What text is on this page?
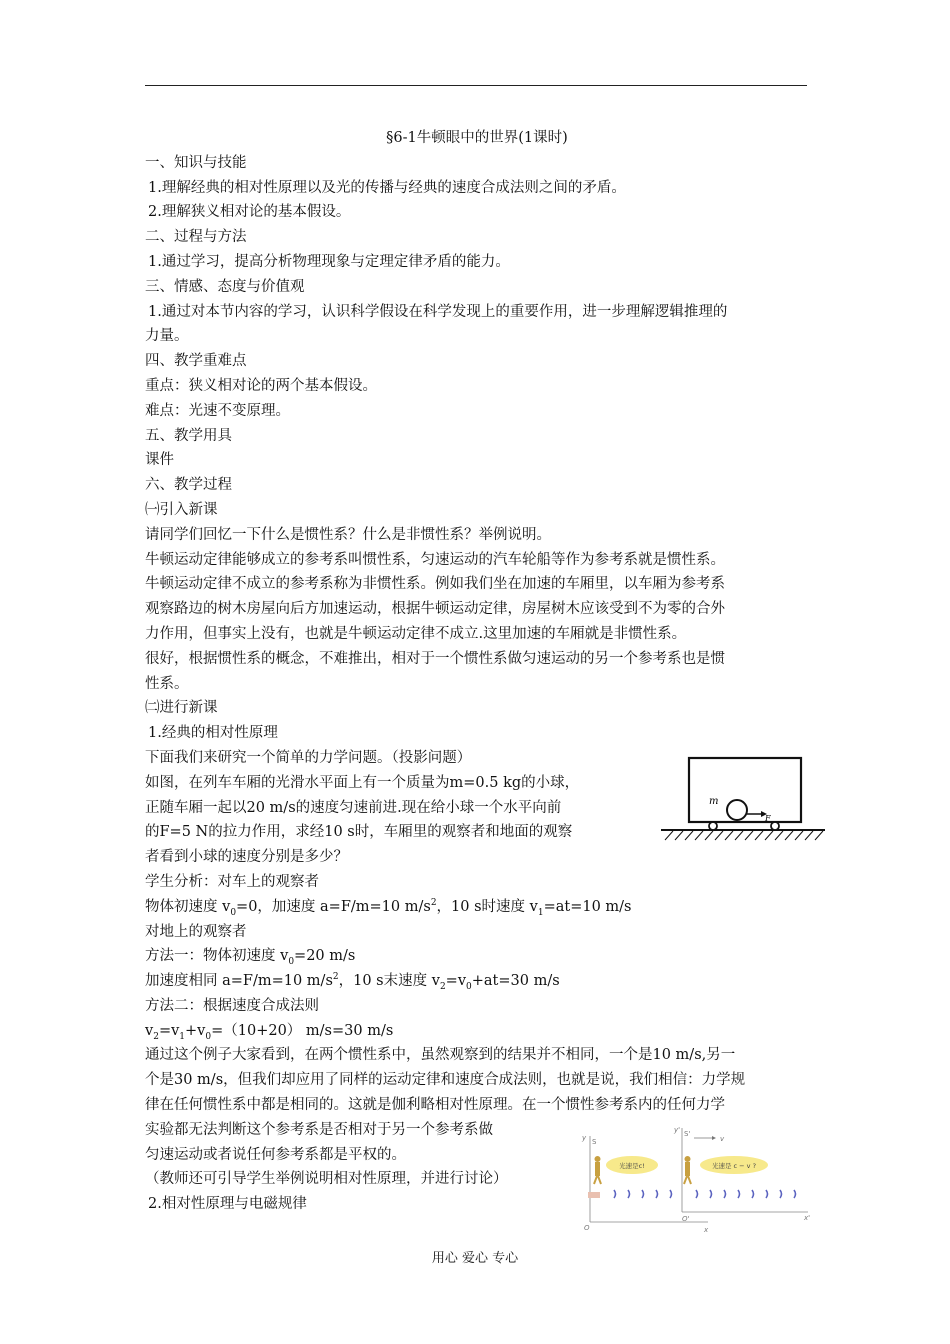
§6-1牛顿眼中的世界(1课时)
一、知识与技能
1.理解经典的相对性原理以及光的传播与经典的速度合成法则之间的矛盾。
2.理解狭义相对论的基本假设。
二、过程与方法
1.通过学习，提高分析物理现象与定理定律矛盾的能力。
三、情感、态度与价值观
1.通过对本节内容的学习，认识科学假设在科学发现上的重要作用，进一步理解逻辑推理的
力量。
四、教学重难点
重点：狭义相对论的两个基本假设。
难点：光速不变原理。
五、教学用具
课件
六、教学过程
㈠引入新课
请同学们回忆一下什么是惯性系？什么是非惯性系？举例说明。
牛顿运动定律能够成立的参考系叫惯性系，匀速运动的汽车轮船等作为参考系就是惯性系。
牛顿运动定律不成立的参考系称为非惯性系。例如我们坐在加速的车厢里，以车厢为参考系
观察路边的树木房屋向后方加速运动，根据牛顿运动定律，房屋树木应该受到不为零的合外
力作用，但事实上没有，也就是牛顿运动定律不成立.这里加速的车厢就是非惯性系。
很好，根据惯性系的概念，不难推出，相对于一个惯性系做匀速运动的另一个参考系也是惯
性系。
㈡进行新课
1.经典的相对性原理
下面我们来研究一个简单的力学问题。（投影问题）
如图，在列车车厢的光滑水平面上有一个质量为m=0.5 kg的小球，
正随车厢一起以20 m/s的速度匀速前进.现在给小球一个水平向前
的F=5 N的拉力作用，求经10 s时，车厢里的观察者和地面的观察
者看到小球的速度分别是多少？
学生分析：对车上的观察者
物体初速度 $v_0=0$，加速度 a=F/m=10 $m/s^2$，10 s时速度 $v_1=at=10$ m/s
对地上的观察者
方法一：物体初速度 $v_0=20$ m/s
加速度相同 a=F/m=10 $m/s^2$，10 s末速度 $v_2=v_0+at=30$ m/s
方法二：根据速度合成法则
$v_2=v_1+v_0=(10+20)$ m/s=30 m/s
通过这个例子大家看到，在两个惯性系中，虽然观察到的结果并不相同，一个是10 m/s,另一
个是30 m/s，但我们却应用了同样的运动定律和速度合成法则，也就是说，我们相信：力学规
律在任何惯性系中都是相同的。这就是伽利略相对性原理。在一个惯性参考系内的任何力学
实验都无法判断这个参考系是否相对于另一个参考系做
匀速运动或者说任何参考系都是平权的。
（教师还可引导学生举例说明相对性原理，并进行讨论）
2.相对性原理与电磁规律
m
F
y S
O	x
y' S'
O'	x'
v
光速是c!	光速是 c − v ?
用心 爱心 专心
